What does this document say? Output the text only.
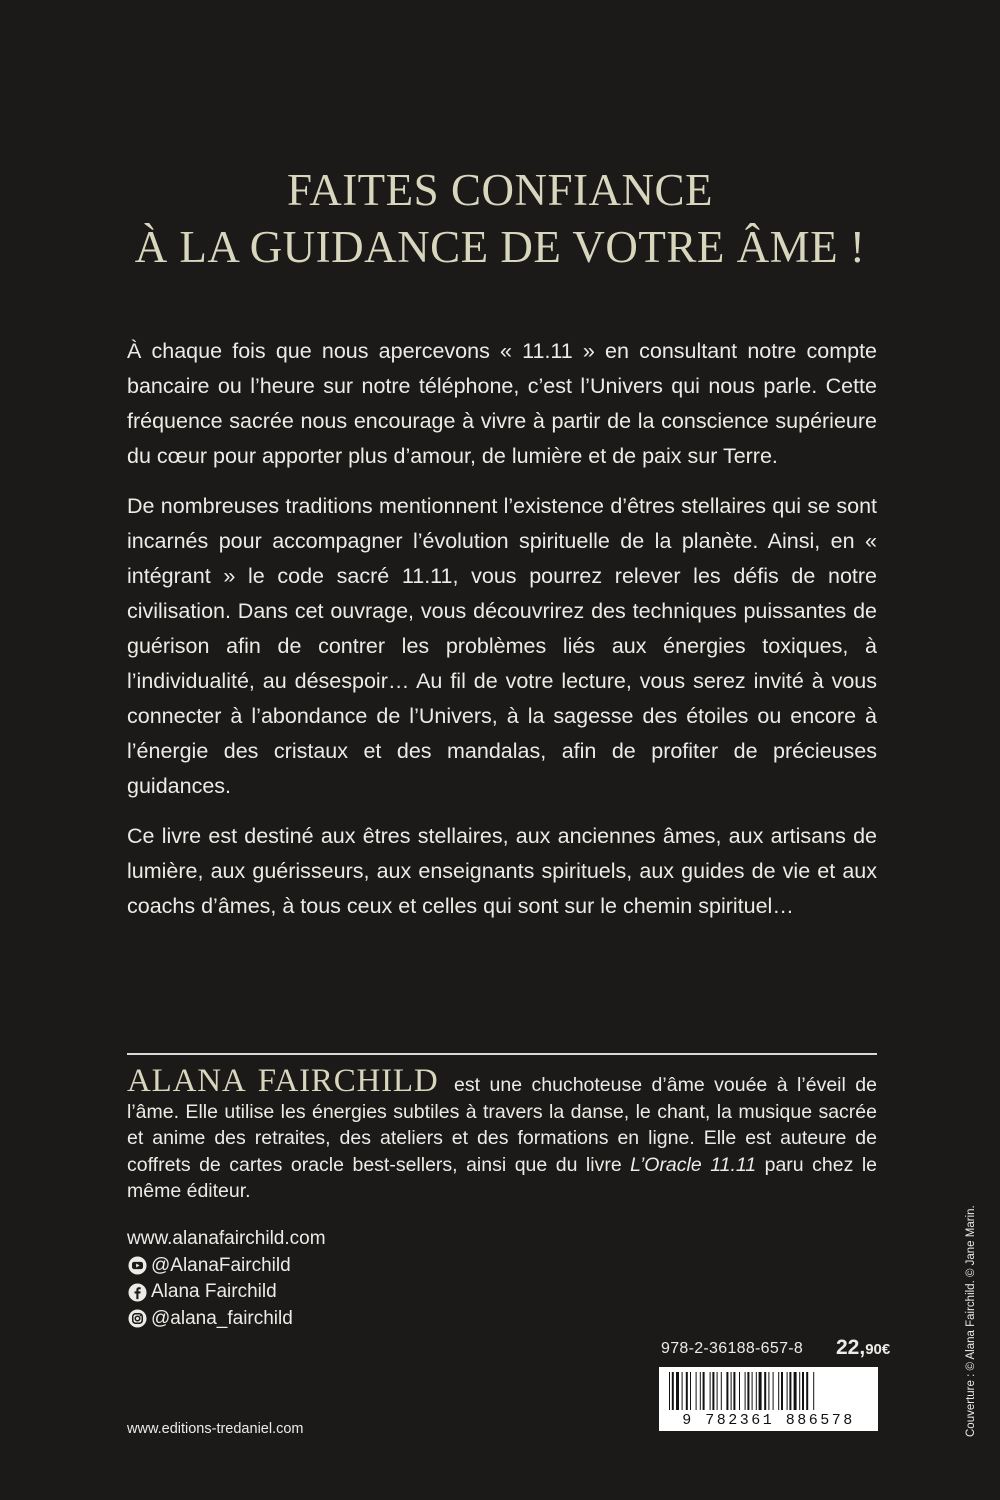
FAITES CONFIANCE
À LA GUIDANCE DE VOTRE ÂME !

À chaque fois que nous apercevons « 11.11 » en consultant notre compte bancaire ou l’heure sur notre téléphone, c’est l’Univers qui nous parle. Cette fréquence sacrée nous encourage à vivre à partir de la conscience supérieure du cœur pour apporter plus d’amour, de lumière et de paix sur Terre.

De nombreuses traditions mentionnent l’existence d’êtres stellaires qui se sont incarnés pour accompagner l’évolution spirituelle de la planète. Ainsi, en « intégrant » le code sacré 11.11, vous pourrez relever les défis de notre civilisation. Dans cet ouvrage, vous découvrirez des techniques puissantes de guérison afin de contrer les problèmes liés aux énergies toxiques, à l’individualité, au désespoir… Au fil de votre lecture, vous serez invité à vous connecter à l’abondance de l’Univers, à la sagesse des étoiles ou encore à l’énergie des cristaux et des mandalas, afin de profiter de précieuses guidances.

Ce livre est destiné aux êtres stellaires, aux anciennes âmes, aux artisans de lumière, aux guérisseurs, aux enseignants spirituels, aux guides de vie et aux coachs d’âmes, à tous ceux et celles qui sont sur le chemin spirituel…

ALANA FAIRCHILD est une chuchoteuse d’âme vouée à l’éveil de l’âme. Elle utilise les énergies subtiles à travers la danse, le chant, la musique sacrée et anime des retraites, des ateliers et des formations en ligne. Elle est auteure de coffrets de cartes oracle best-sellers, ainsi que du livre L’Oracle 11.11 paru chez le même éditeur.
www.alanafairchild.com
@AlanaFairchild
Alana Fairchild
@alana_fairchild
www.editions-tredaniel.com
978-2-36188-657-8 22,90€
9 782361 886578	Couverture : © Alana Fairchild. © Jane Marin.
